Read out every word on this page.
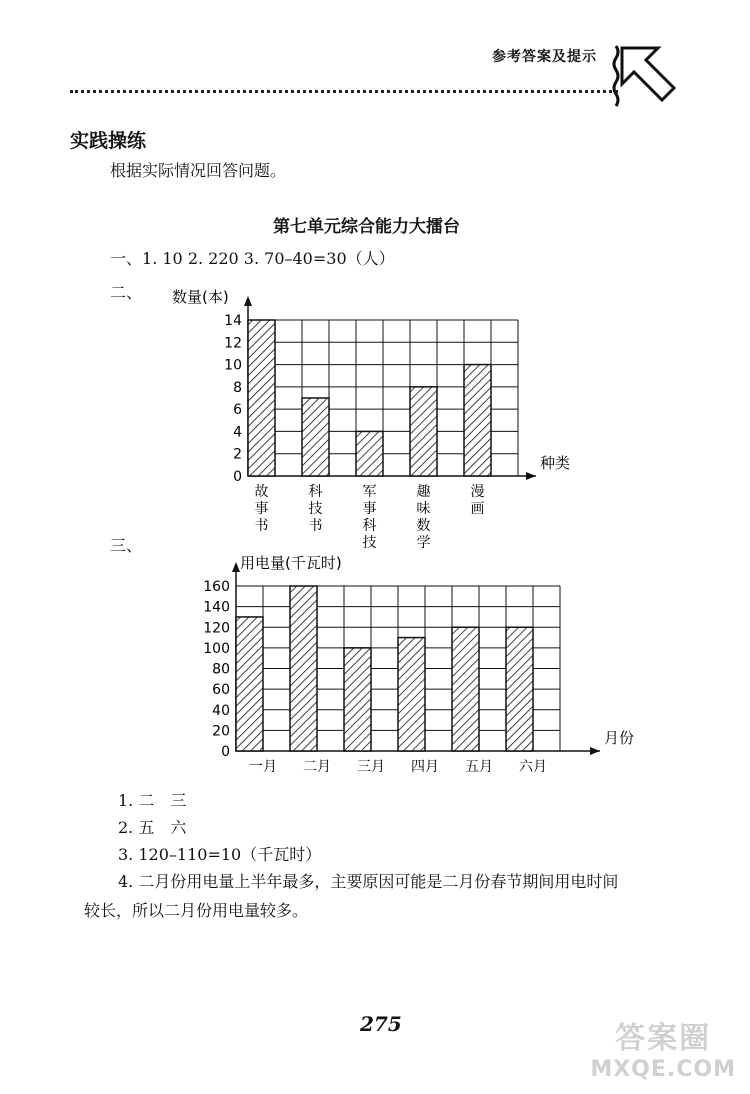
参考答案及提示
实践操练
根据实际情况回答问题。
第七单元综合能力大擂台
一、1. 10 2. 220 3. 70–40=30（人）
二、
三、
0
2
4
6
8
10
12
14
数量(本)
种类
故事书
科技书
军事科技
趣味数学
漫画
0
20
40
60
80
100
120
140
160
用电量(千瓦时)
月份
一月 二月 三月 四月 五月 六月
1. 二　三
2. 五　六
3. 120–110=10（千瓦时）
4. 二月份用电量上半年最多，主要原因可能是二月份春节期间用电时间
较长，所以二月份用电量较多。
275	答案圈
MXQE.COM
